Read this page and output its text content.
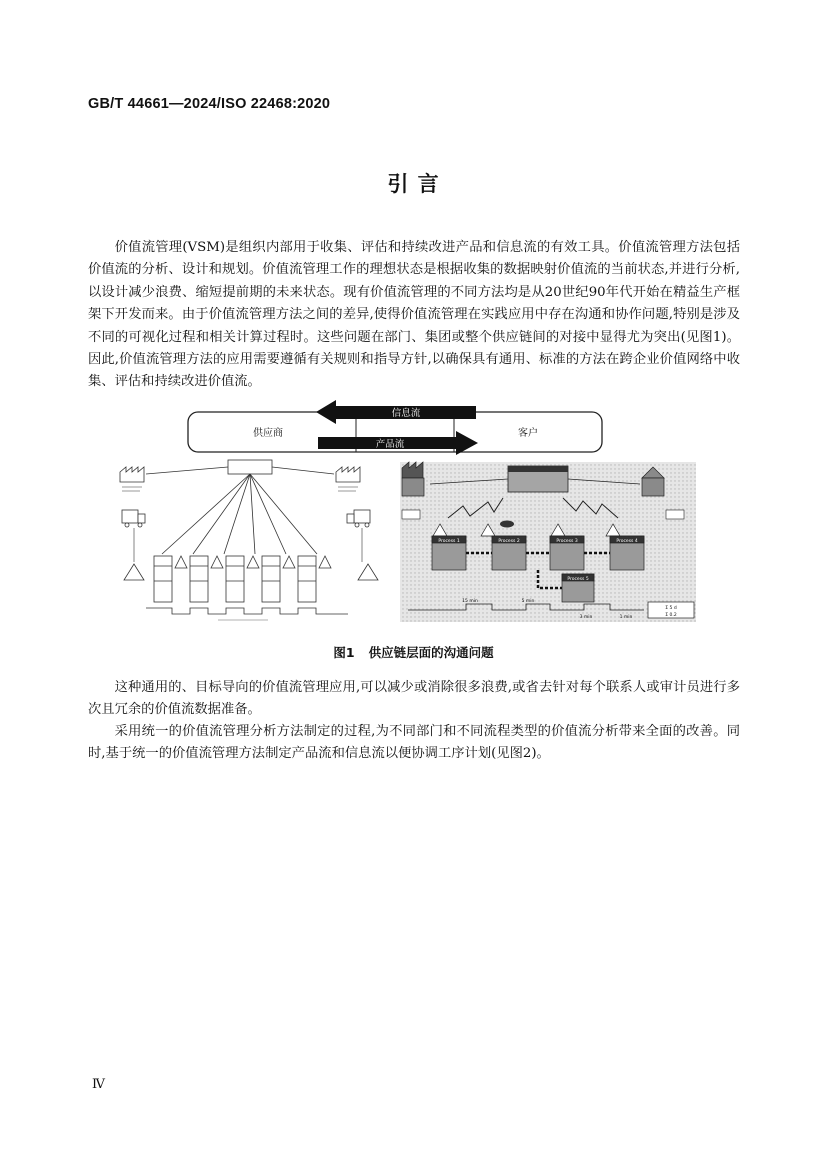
GB/T 44661—2024/ISO 22468:2020
引 言
价值流管理(VSM)是组织内部用于收集、评估和持续改进产品和信息流的有效工具。价值流管理方法包括价值流的分析、设计和规划。价值流管理工作的理想状态是根据收集的数据映射价值流的当前状态,并进行分析,以设计减少浪费、缩短提前期的未来状态。现有价值流管理的不同方法均是从20世纪90年代开始在精益生产框架下开发而来。由于价值流管理方法之间的差异,使得价值流管理在实践应用中存在沟通和协作问题,特别是涉及不同的可视化过程和相关计算过程时。这些问题在部门、集团或整个供应链间的对接中显得尤为突出(见图1)。因此,价值流管理方法的应用需要遵循有关规则和指导方针,以确保具有通用、标准的方法在跨企业价值网络中收集、评估和持续改进价值流。
供应商	客户
信息流
产品流
Process 1	Process 2	Process 3	Process 4
Process 5
15 min	5 min
3 min	1 min
Σ 5 d
Σ 0.2
图1 供应链层面的沟通问题
这种通用的、目标导向的价值流管理应用,可以减少或消除很多浪费,或省去针对每个联系人或审计员进行多次且冗余的价值流数据准备。
采用统一的价值流管理分析方法制定的过程,为不同部门和不同流程类型的价值流分析带来全面的改善。同时,基于统一的价值流管理方法制定产品流和信息流以便协调工序计划(见图2)。
Ⅳ
